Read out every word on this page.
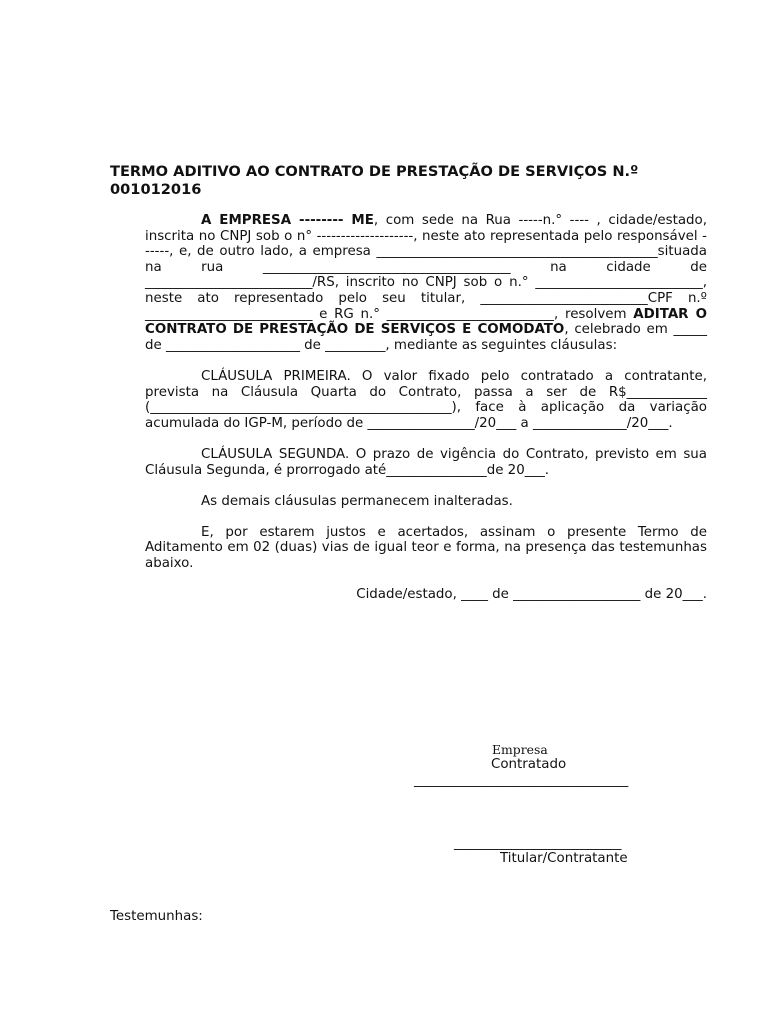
TERMO ADITIVO AO CONTRATO DE PRESTAÇÃO DE SERVIÇOS N.º 001012016

A EMPRESA -------- ME, com sede na Rua -----n.° ---- , cidade/estado, inscrita no CNPJ sob o n° --------------------, neste ato representada pelo responsável ------, e, de outro lado, a empresa __________________________________________situada na rua _____________________________________ na cidade de _________________________/RS, inscrito no CNPJ sob o n.° _________________________, neste ato representado pelo seu titular, _________________________CPF n.º _________________________ e RG n.° _________________________, resolvem ADITAR O CONTRATO DE PRESTAÇÃO DE SERVIÇOS E COMODATO, celebrado em _____ de ____________________ de _________, mediante as seguintes cláusulas:

CLÁUSULA PRIMEIRA. O valor fixado pelo contratado a contratante, prevista na Cláusula Quarta do Contrato, passa a ser de R$____________ (_____________________________________________), face à aplicação da variação acumulada do IGP-M, período de ________________/20___ a ______________/20___.

CLÁUSULA SEGUNDA. O prazo de vigência do Contrato, previsto em sua Cláusula Segunda, é prorrogado até_______________de 20___.

As demais cláusulas permanecem inalteradas.

E, por estarem justos e acertados, assinam o presente Termo de Aditamento em 02 (duas) vias de igual teor e forma, na presença das testemunhas abaixo.

Cidade/estado, ____ de ___________________ de 20___.

Empresa
Contratado
________________________________
_________________________
Titular/Contratante
Testemunhas:
